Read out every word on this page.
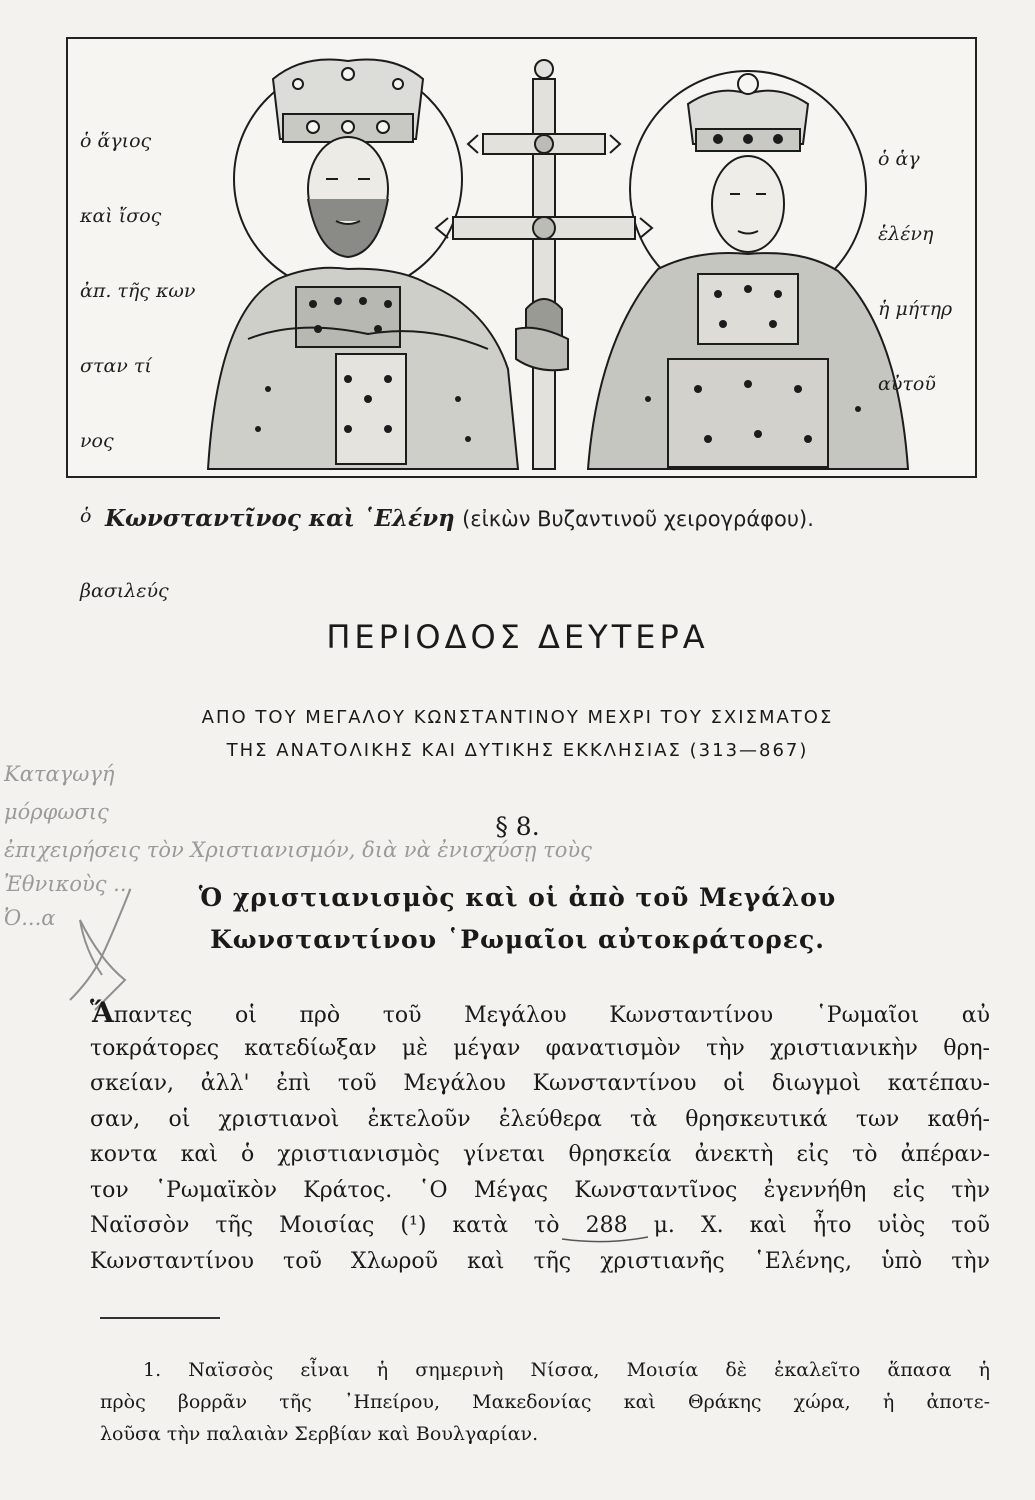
ὁ ἅγιος

καὶ ἴσος

ἀπ. τῆς κων

σταν τί

νος

ὁ

βασιλεύς

ὁ ἁγ

ἑλένη

ἡ μήτηρ

αὐτοῦ

Κωνσταντῖνος καὶ ῾Ελένη (εἰκὼν Βυζαντινοῦ χειρογράφου).
ΠΕΡΙΟΔΟΣ ΔΕΥΤΕΡΑ
ΑΠΟ ΤΟΥ ΜΕΓΑΛΟΥ ΚΩΝΣΤΑΝΤΙΝΟΥ ΜΕΧΡΙ ΤΟΥ ΣΧΙΣΜΑΤΟΣ
ΤΗΣ ΑΝΑΤΟΛΙΚΗΣ ΚΑΙ ΔΥΤΙΚΗΣ ΕΚΚΛΗΣΙΑΣ (313—867)
Καταγωγή
μόρφωσις
ἐπιχειρήσεις τὸν Χριστιανισμόν, διὰ νὰ ἐνισχύσῃ τοὺς
Ἐθνικοὺς ...
Ὀ...α
§ 8.
Ὁ χριστιανισμὸς καὶ οἱ ἀπὸ τοῦ Μεγάλου
Κωνσταντίνου ῾Ρωμαῖοι αὐτοκράτορες.
Ἅπαντες οἱ πρὸ τοῦ Μεγάλου Κωνσταντίνου ῾Ρωμαῖοι αὐ
τοκράτορες κατεδίωξαν μὲ μέγαν φανατισμὸν τὴν χριστιανικὴν θρη-
σκείαν, ἀλλ' ἐπὶ τοῦ Μεγάλου Κωνσταντίνου οἱ διωγμοὶ κατέπαυ-
σαν, οἱ χριστιανοὶ ἐκτελοῦν ἐλεύθερα τὰ θρησκευτικά των καθή-
κοντα καὶ ὁ χριστιανισμὸς γίνεται θρησκεία ἀνεκτὴ εἰς τὸ ἀπέραν-
τον ῾Ρωμαϊκὸν Κράτος. ῾Ο Μέγας Κωνσταντῖνος ἐγεννήθη εἰς τὴν
Ναϊσσὸν τῆς Μοισίας (¹) κατὰ τὸ 288 μ. Χ. καὶ ἦτο υἱὸς τοῦ
Κωνσταντίνου τοῦ Χλωροῦ καὶ τῆς χριστιανῆς ῾Ελένης, ὑπὸ τὴν
1. Ναϊσσὸς εἶναι ἡ σημερινὴ Νίσσα, Μοισία δὲ ἐκαλεῖτο ἅπασα ἡ
πρὸς βορρᾶν τῆς ᾿Ηπείρου, Μακεδονίας καὶ Θράκης χώρα, ἡ ἀποτε-
λοῦσα τὴν παλαιὰν Σερβίαν καὶ Βουλγαρίαν.
